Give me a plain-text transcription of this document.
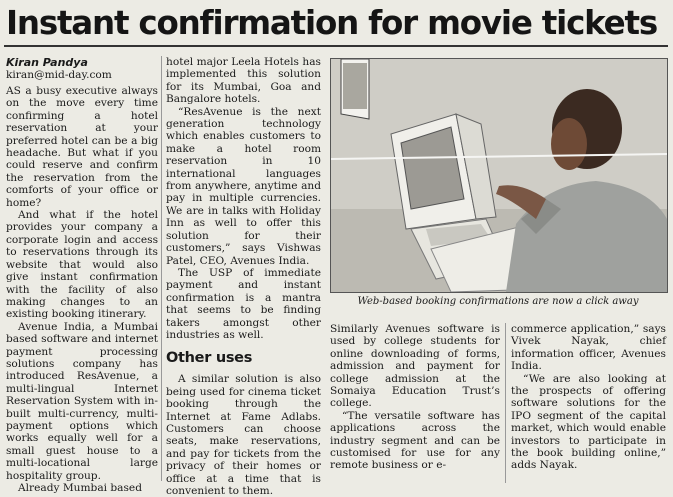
Instant confirmation for movie tickets
Kiran Pandya
kiran@mid-day.com

AS a busy executive always on the move every time confirming a hotel reservation at your preferred hotel can be a big headache. But what if you could reserve and confirm the reservation from the comforts of your office or home?

And what if the hotel provides your company a corporate login and access to reservations through its website that would also give instant confirmation with the facility of also making changes to an existing booking itinerary.

Avenue India, a Mumbai based software and internet payment processing solutions company has introduced ResAvenue, a multi-lingual Internet Reservation System with in-built multi-currency, multi-payment options which works equally well for a small guest house to a multi-locational large hospitality group.

Already Mumbai based

hotel major Leela Hotels has implemented this solution for its Mumbai, Goa and Bangalore hotels.

“ResAvenue is the next generation technology which enables customers to make a hotel room reservation in 10 international languages from anywhere, anytime and pay in multiple currencies. We are in talks with Holiday Inn as well to offer this solution for their customers,” says Vishwas Patel, CEO, Avenues India.

The USP of immediate payment and instant confirmation is a mantra that seems to be finding takers amongst other industries as well.

Other uses

A similar solution is also being used for cinema ticket booking through the Internet at Fame Adlabs. Customers can choose seats, make reservations, and pay for tickets from the privacy of their homes or office at a time that is convenient to them.

Web-based booking confirmations are now a click away

Similarly Avenues software is used by college students for online downloading of forms, admission and payment for college admission at the Somaiya Education Trust’s college.

“The versatile software has applications across the industry segment and can be customised for use for any remote business or e-

commerce application,” says Vivek Nayak, chief information officer, Avenues India.

“We are also looking at the prospects of offering software solutions for the IPO segment of the capital market, which would enable investors to participate in the book building online,” adds Nayak.
